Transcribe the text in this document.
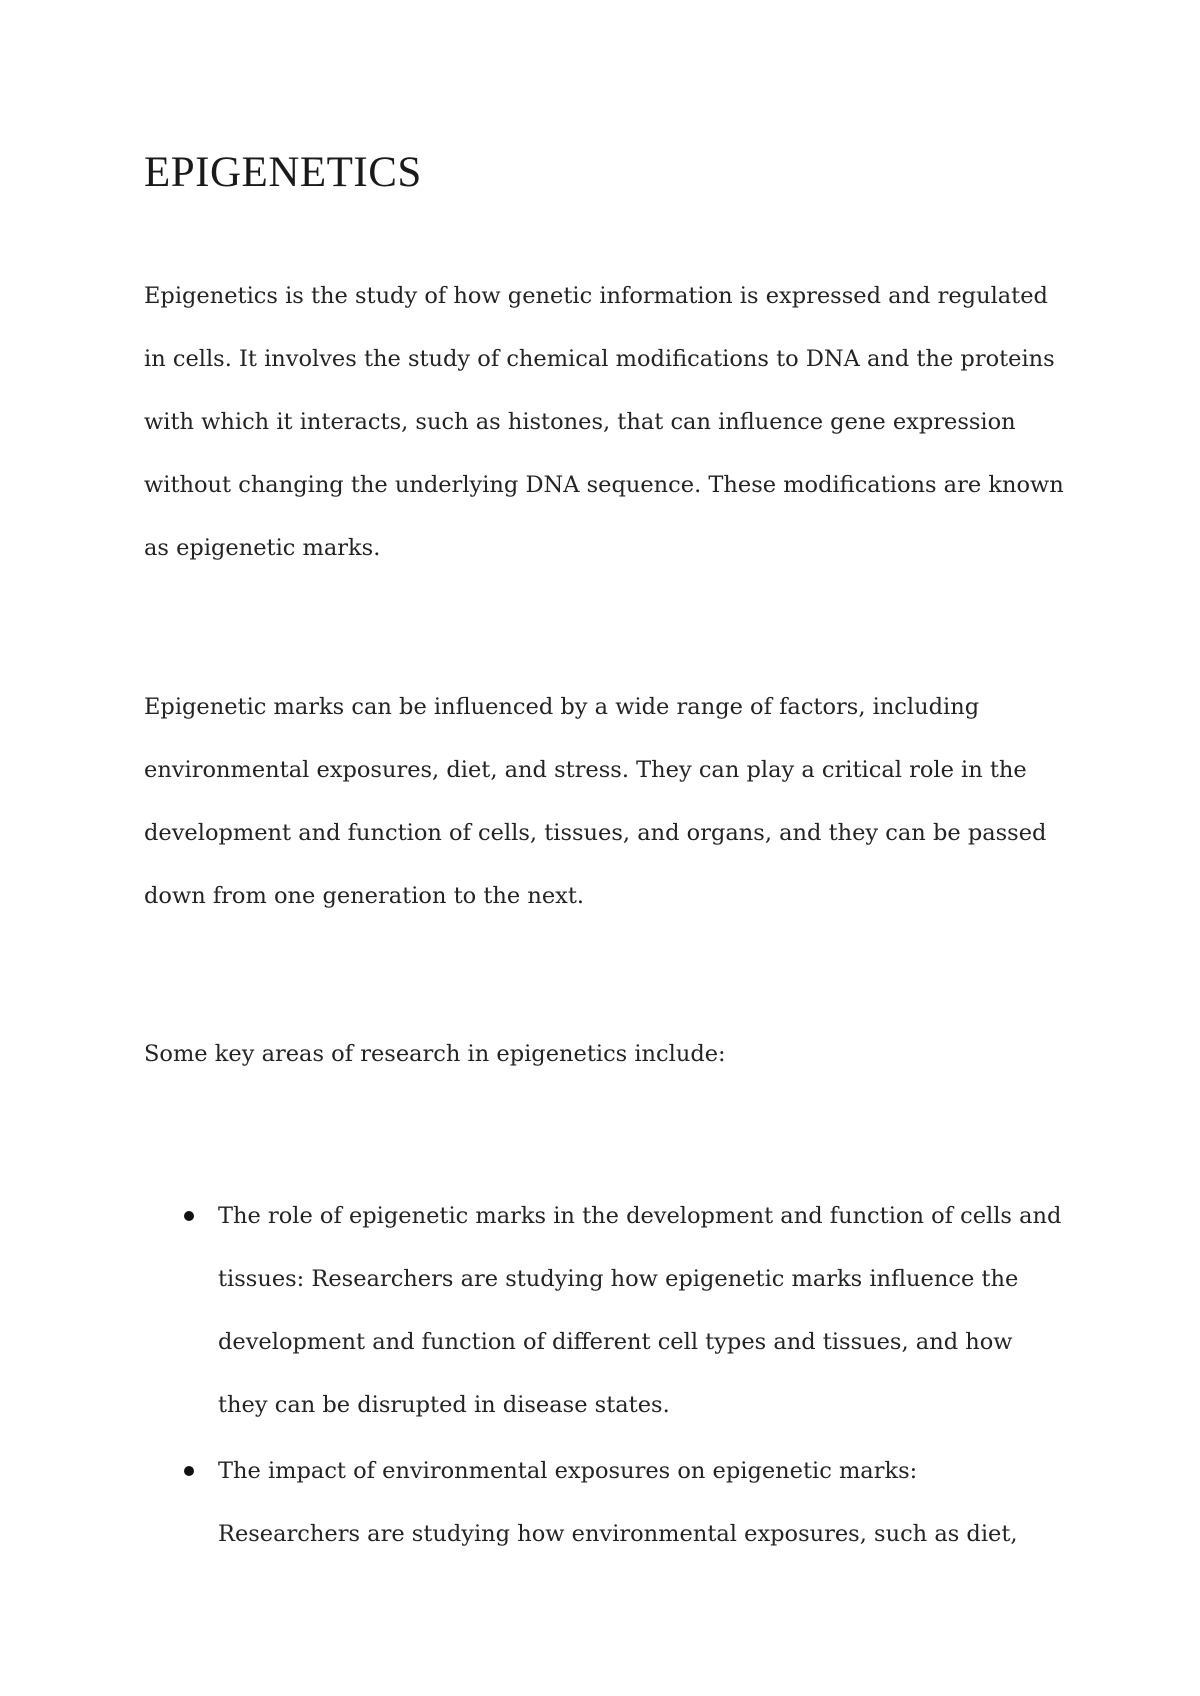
EPIGENETICS

Epigenetics is the study of how genetic information is expressed and regulated in cells. It involves the study of chemical modifications to DNA and the proteins with which it interacts, such as histones, that can influence gene expression without changing the underlying DNA sequence. These modifications are known as epigenetic marks.

Epigenetic marks can be influenced by a wide range of factors, including environmental exposures, diet, and stress. They can play a critical role in the development and function of cells, tissues, and organs, and they can be passed down from one generation to the next.

Some key areas of research in epigenetics include:

The role of epigenetic marks in the development and function of cells and tissues: Researchers are studying how epigenetic marks influence the development and function of different cell types and tissues, and how they can be disrupted in disease states.
The impact of environmental exposures on epigenetic marks: Researchers are studying how environmental exposures, such as diet,
